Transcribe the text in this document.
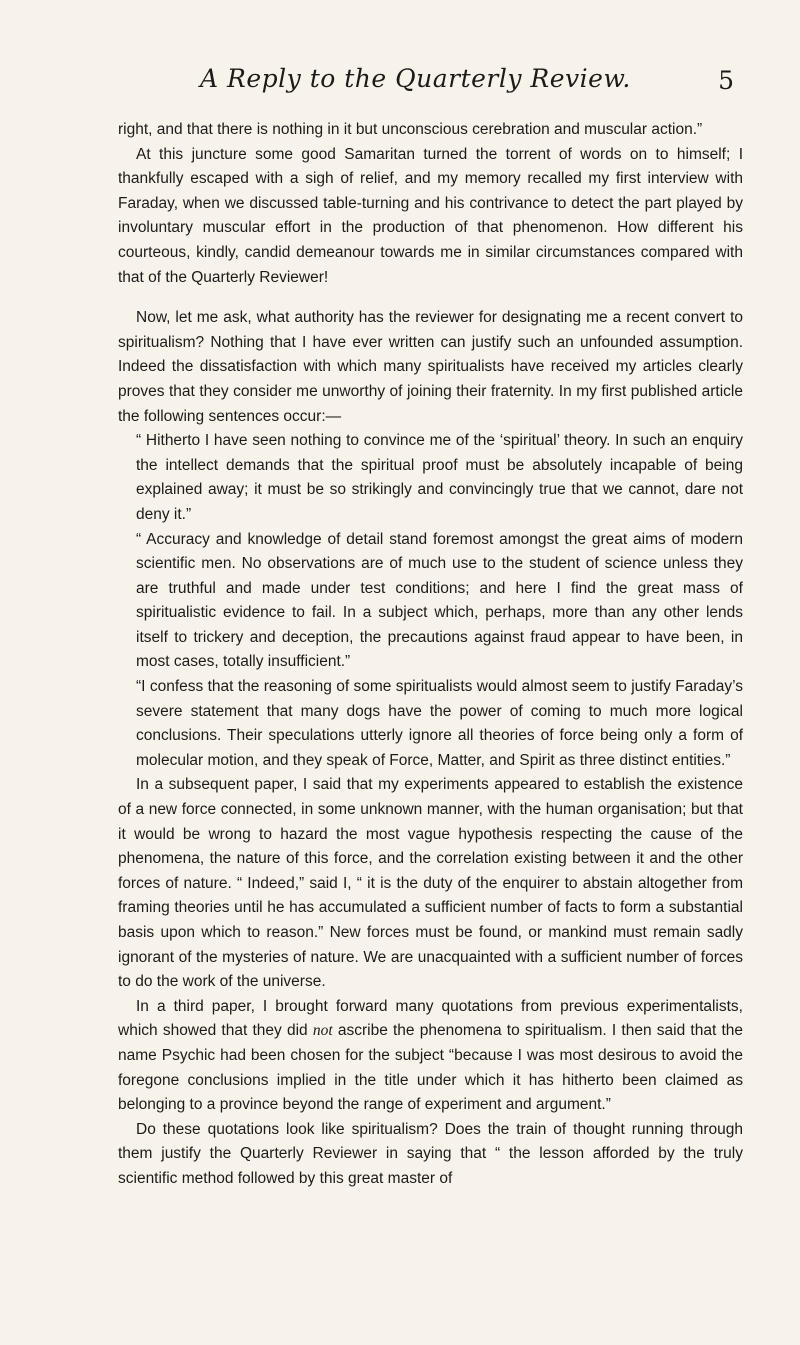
A Reply to the Quarterly Review.	5

right, and that there is nothing in it but unconscious cerebration and muscular action.”

At this juncture some good Samaritan turned the torrent of words on to himself; I thankfully escaped with a sigh of relief, and my memory recalled my first interview with Faraday, when we discussed table-turning and his contrivance to detect the part played by involuntary muscular effort in the production of that phenomenon. How different his courteous, kindly, candid demeanour towards me in similar circumstances compared with that of the Quarterly Reviewer!

Now, let me ask, what authority has the reviewer for designating me a recent convert to spiritualism? Nothing that I have ever written can justify such an unfounded assumption. Indeed the dissatisfaction with which many spiritualists have received my articles clearly proves that they consider me unworthy of joining their fraternity. In my first published article the following sentences occur:—

“ Hitherto I have seen nothing to convince me of the ‘spiritual’ theory. In such an enquiry the intellect demands that the spiritual proof must be absolutely incapable of being explained away; it must be so strikingly and convincingly true that we cannot, dare not deny it.”
“ Accuracy and knowledge of detail stand foremost amongst the great aims of modern scientific men. No observations are of much use to the student of science unless they are truthful and made under test conditions; and here I find the great mass of spiritualistic evidence to fail. In a subject which, perhaps, more than any other lends itself to trickery and deception, the precautions against fraud appear to have been, in most cases, totally insufficient.”
“I confess that the reasoning of some spiritualists would almost seem to justify Faraday’s severe statement that many dogs have the power of coming to much more logical conclusions. Their speculations utterly ignore all theories of force being only a form of molecular motion, and they speak of Force, Matter, and Spirit as three distinct entities.”

In a subsequent paper, I said that my experiments appeared to establish the existence of a new force connected, in some unknown manner, with the human organisation; but that it would be wrong to hazard the most vague hypothesis respecting the cause of the phenomena, the nature of this force, and the correlation existing between it and the other forces of nature. “ Indeed,” said I, “ it is the duty of the enquirer to abstain altogether from framing theories until he has accumulated a sufficient number of facts to form a substantial basis upon which to reason.” New forces must be found, or mankind must remain sadly ignorant of the mysteries of nature. We are unacquainted with a sufficient number of forces to do the work of the universe.

In a third paper, I brought forward many quotations from previous experimentalists, which showed that they did not ascribe the phenomena to spiritualism. I then said that the name Psychic had been chosen for the subject “because I was most desirous to avoid the foregone conclusions implied in the title under which it has hitherto been claimed as belonging to a province beyond the range of experiment and argument.”

Do these quotations look like spiritualism? Does the train of thought running through them justify the Quarterly Reviewer in saying that “ the lesson afforded by the truly scientific method followed by this great master of
